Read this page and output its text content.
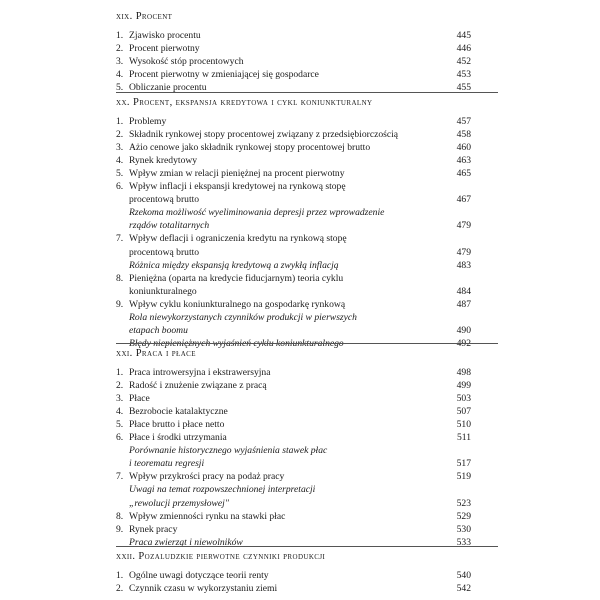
xix. Procent
1. Zjawisko procentu	445
2. Procent pierwotny	446
3. Wysokość stóp procentowych	452
4. Procent pierwotny w zmieniającej się gospodarce	453
5. Obliczanie procentu	455
xx. Procent, ekspansja kredytowa i cykl koniunkturalny
1. Problemy	457
2. Składnik rynkowej stopy procentowej związany z przedsiębiorczością	458
3. Ażio cenowe jako składnik rynkowej stopy procentowej brutto	460
4. Rynek kredytowy	463
5. Wpływ zmian w relacji pieniężnej na procent pierwotny	465
6. Wpływ inflacji i ekspansji kredytowej na rynkową stopę
procentową brutto	467
Rzekoma możliwość wyeliminowania depresji przez wprowadzenie
rządów totalitarnych	479
7. Wpływ deflacji i ograniczenia kredytu na rynkową stopę
procentową brutto	479
Różnica między ekspansją kredytową a zwykłą inflacją	483
8. Pieniężna (oparta na kredycie fiducjarnym) teoria cyklu
koniunkturalnego	484
9. Wpływ cyklu koniunkturalnego na gospodarkę rynkową	487
Rola niewykorzystanych czynników produkcji w pierwszych
etapach boomu	490
Błędy niepieniężnych wyjaśnień cyklu koniunkturalnego	492
xxi. Praca i płace
1. Praca introwersyjna i ekstrawersyjna	498
2. Radość i znużenie związane z pracą	499
3. Płace	503
4. Bezrobocie katalaktyczne	507
5. Płace brutto i płace netto	510
6. Płace i środki utrzymania	511
Porównanie historycznego wyjaśnienia stawek płac
i teorematu regresji	517
7. Wpływ przykrości pracy na podaż pracy	519
Uwagi na temat rozpowszechnionej interpretacji
„rewolucji przemysłowej"	523
8. Wpływ zmienności rynku na stawki płac	529
9. Rynek pracy	530
Praca zwierząt i niewolników	533
xxii. Pozaludzkie pierwotne czynniki produkcji
1. Ogólne uwagi dotyczące teorii renty	540
2. Czynnik czasu w wykorzystaniu ziemi	542
